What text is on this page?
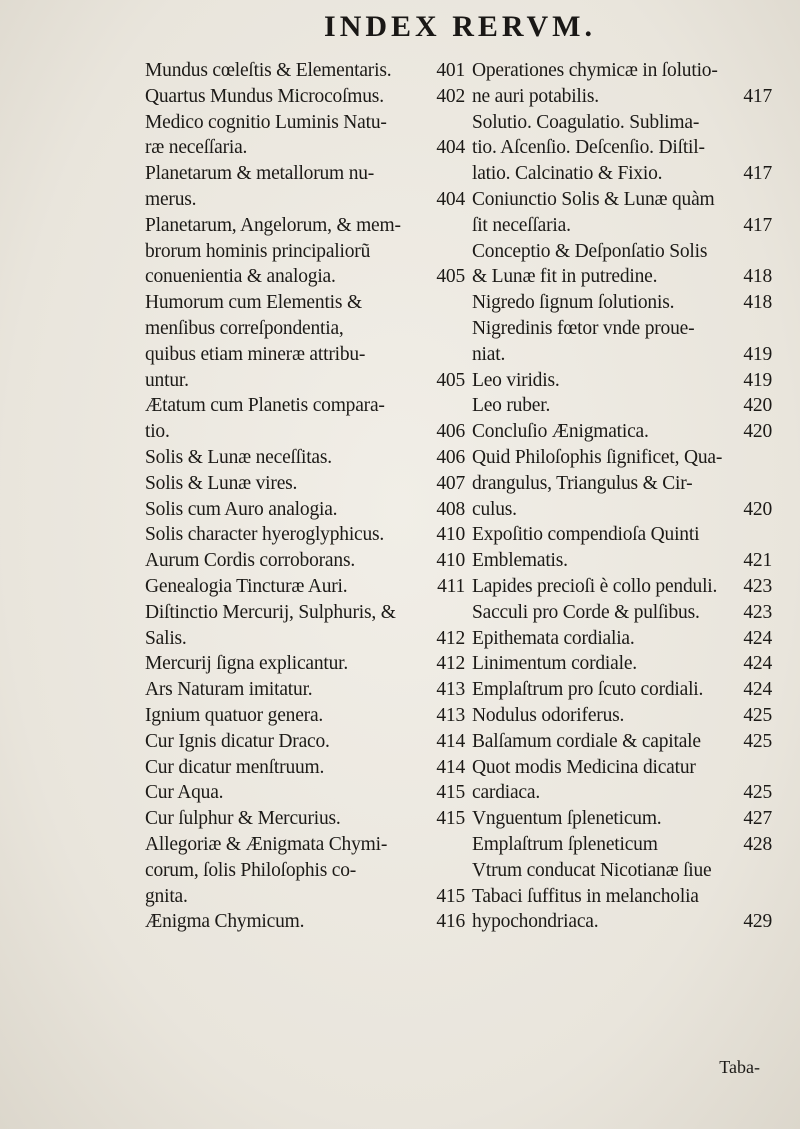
INDEX RERVM.
Mundus cœleſtis & Elementaris.	401
Quartus Mundus Microcoſmus.	402
Medico cognitio Luminis Natu-
ræ neceſſaria.	404
Planetarum & metallorum nu-
merus.	404
Planetarum, Angelorum, & mem-
brorum hominis principaliorũ
conuenientia & analogia.	405
Humorum cum Elementis &
menſibus correſpondentia,
quibus etiam mineræ attribu-
untur.	405
Ætatum cum Planetis compara-
tio.	406
Solis & Lunæ neceſſitas.	406
Solis & Lunæ vires.	407
Solis cum Auro analogia.	408
Solis character hyeroglyphicus.	410
Aurum Cordis corroborans.	410
Genealogia Tincturæ Auri.	411
Diſtinctio Mercurij, Sulphuris, &
Salis.	412
Mercurij ſigna explicantur.	412
Ars Naturam imitatur.	413
Ignium quatuor genera.	413
Cur Ignis dicatur Draco.	414
Cur dicatur menſtruum.	414
Cur Aqua.	415
Cur ſulphur & Mercurius.	415
Allegoriæ & Ænigmata Chymi-
corum, ſolis Philoſophis co-
gnita.	415
Ænigma Chymicum.	416
Operationes chymicæ in ſolutio-
ne auri potabilis.	417
Solutio. Coagulatio. Sublima-
tio. Aſcenſio. Deſcenſio. Diſtil-
latio. Calcinatio & Fixio.	417
Coniunctio Solis & Lunæ quàm
ſit neceſſaria.	417
Conceptio & Deſponſatio Solis
& Lunæ fit in putredine.	418
Nigredo ſignum ſolutionis.	418
Nigredinis fœtor vnde proue-
niat.	419
Leo viridis.	419
Leo ruber.	420
Concluſio Ænigmatica.	420
Quid Philoſophis ſignificet, Qua-
drangulus, Triangulus & Cir-
culus.	420
Expoſitio compendioſa Quinti
Emblematis.	421
Lapides precioſi è collo penduli.	423
Sacculi pro Corde & pulſibus.	423
Epithemata cordialia.	424
Linimentum cordiale.	424
Emplaſtrum pro ſcuto cordiali.	424
Nodulus odoriferus.	425
Balſamum cordiale & capitale	425
Quot modis Medicina dicatur
cardiaca.	425
Vnguentum ſpleneticum.	427
Emplaſtrum ſpleneticum	428
Vtrum conducat Nicotianæ ſiue
Tabaci ſuffitus in melancholia
hypochondriaca.	429
Taba-
